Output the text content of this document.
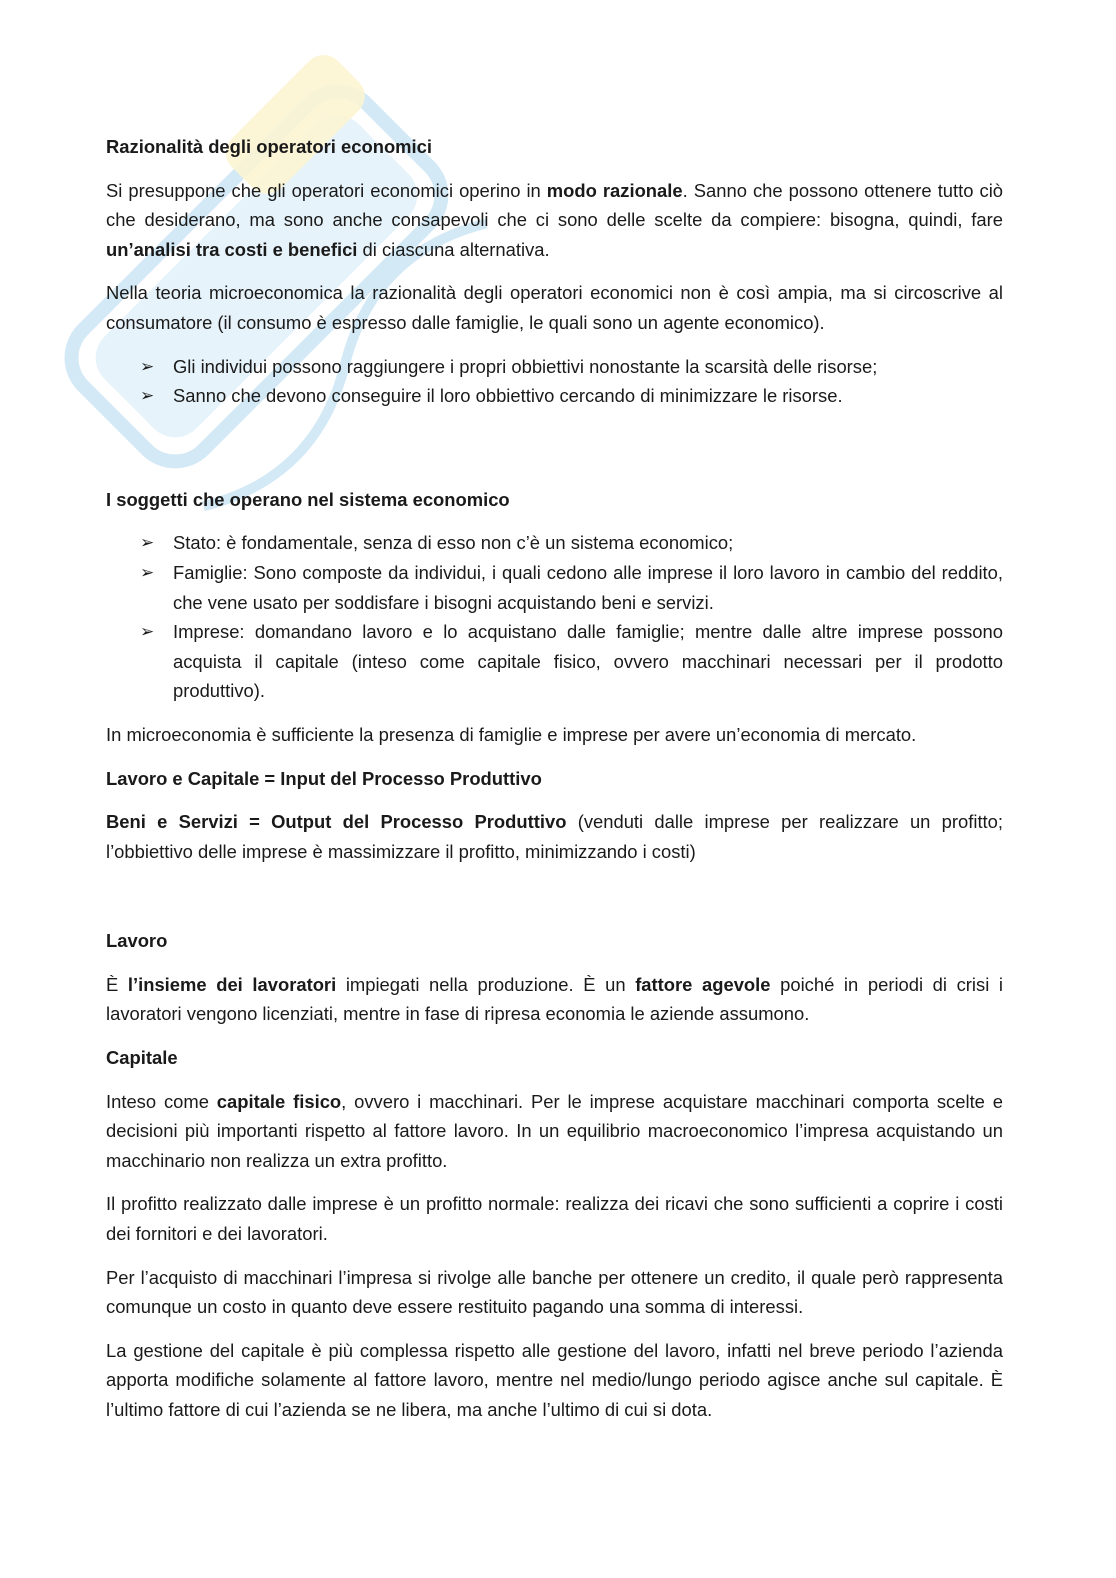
Razionalità degli operatori economici

Si presuppone che gli operatori economici operino in modo razionale. Sanno che possono ottenere tutto ciò che desiderano, ma sono anche consapevoli che ci sono delle scelte da compiere: bisogna, quindi, fare un’analisi tra costi e benefici di ciascuna alternativa.

Nella teoria microeconomica la razionalità degli operatori economici non è così ampia, ma si circoscrive al consumatore (il consumo è espresso dalle famiglie, le quali sono un agente economico).

➢ Gli individui possono raggiungere i propri obbiettivi nonostante la scarsità delle risorse;
➢ Sanno che devono conseguire il loro obbiettivo cercando di minimizzare le risorse.

I soggetti che operano nel sistema economico

➢ Stato: è fondamentale, senza di esso non c’è un sistema economico;
➢ Famiglie: Sono composte da individui, i quali cedono alle imprese il loro lavoro in cambio del reddito, che vene usato per soddisfare i bisogni acquistando beni e servizi.
➢ Imprese: domandano lavoro e lo acquistano dalle famiglie; mentre dalle altre imprese possono acquista il capitale (inteso come capitale fisico, ovvero macchinari necessari per il prodotto produttivo).

In microeconomia è sufficiente la presenza di famiglie e imprese per avere un’economia di mercato.

Lavoro e Capitale = Input del Processo Produttivo

Beni e Servizi = Output del Processo Produttivo (venduti dalle imprese per realizzare un profitto; l’obbiettivo delle imprese è massimizzare il profitto, minimizzando i costi)

Lavoro

È l’insieme dei lavoratori impiegati nella produzione. È un fattore agevole poiché in periodi di crisi i lavoratori vengono licenziati, mentre in fase di ripresa economia le aziende assumono.

Capitale

Inteso come capitale fisico, ovvero i macchinari. Per le imprese acquistare macchinari comporta scelte e decisioni più importanti rispetto al fattore lavoro. In un equilibrio macroeconomico l’impresa acquistando un macchinario non realizza un extra profitto.

Il profitto realizzato dalle imprese è un profitto normale: realizza dei ricavi che sono sufficienti a coprire i costi dei fornitori e dei lavoratori.

Per l’acquisto di macchinari l’impresa si rivolge alle banche per ottenere un credito, il quale però rappresenta comunque un costo in quanto deve essere restituito pagando una somma di interessi.

La gestione del capitale è più complessa rispetto alle gestione del lavoro, infatti nel breve periodo l’azienda apporta modifiche solamente al fattore lavoro, mentre nel medio/lungo periodo agisce anche sul capitale. È l’ultimo fattore di cui l’azienda se ne libera, ma anche l’ultimo di cui si dota.
